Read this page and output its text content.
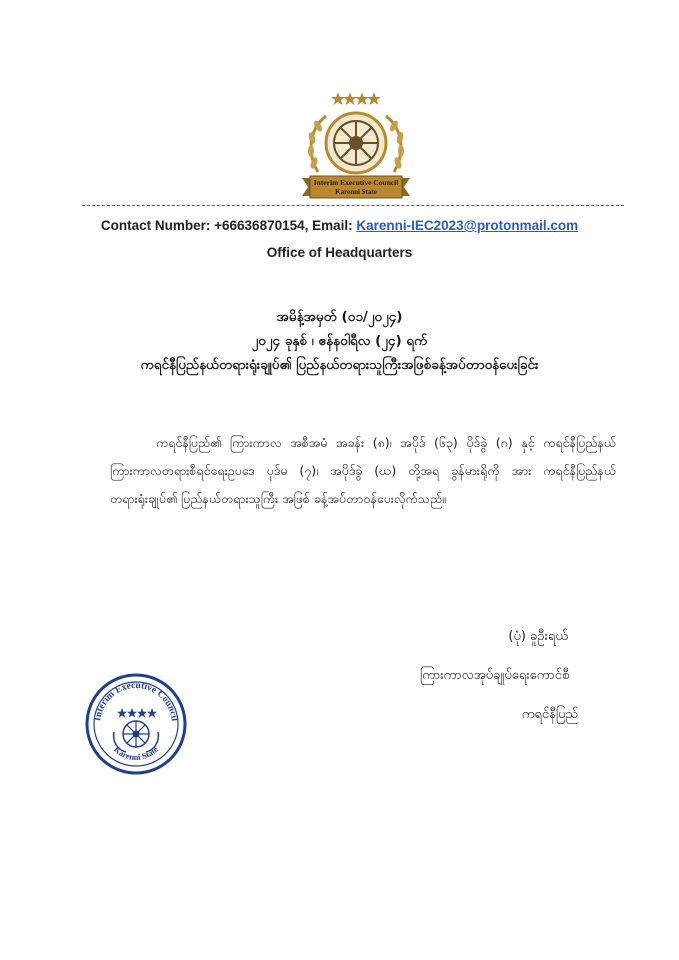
Interim Executive Council
Karenni State
Contact Number: +66636870154, Email: Karenni-IEC2023@protonmail.com
Office of Headquarters
အမိန့်အမှတ် (၀၁/၂၀၂၄)
၂၀၂၄ ခုနှစ် ၊ ဧန်နဝါရီလ (၂၄) ရက်
ကရင်နီပြည်နယ်တရားရုံးချုပ်၏ ပြည်နယ်တရားသူကြီးအဖြစ်ခန့်အပ်တာဝန်ပေးခြင်း
ကရင်နီပြည်၏ ကြားကာလ အစီအမံ အခန်း (၈)၊ အပိုဒ် (၆၃) ပိုဒ်ခွဲ (ဂ) နှင့် ကရင်နီပြည်နယ် ကြားကာလတရားစီရင်ရေးဥပဒေ ပုဒ်မ (၇)၊ အပိုဒ်ခွဲ (ဃ) တို့အရ ခွန်မားရိုကို အား ကရင်နီပြည်နယ် တရားရုံးချုပ်၏ ပြည်နယ်တရားသူကြီး အဖြစ် ခန့်အပ်တာဝန်ပေးလိုက်သည်။
(ပုံ) ခူဦးရယ်
ကြားကာလအုပ်ချုပ်ရေးကောင်စီ
ကရင်နီပြည်
Interim Executive Council
Karenni State
